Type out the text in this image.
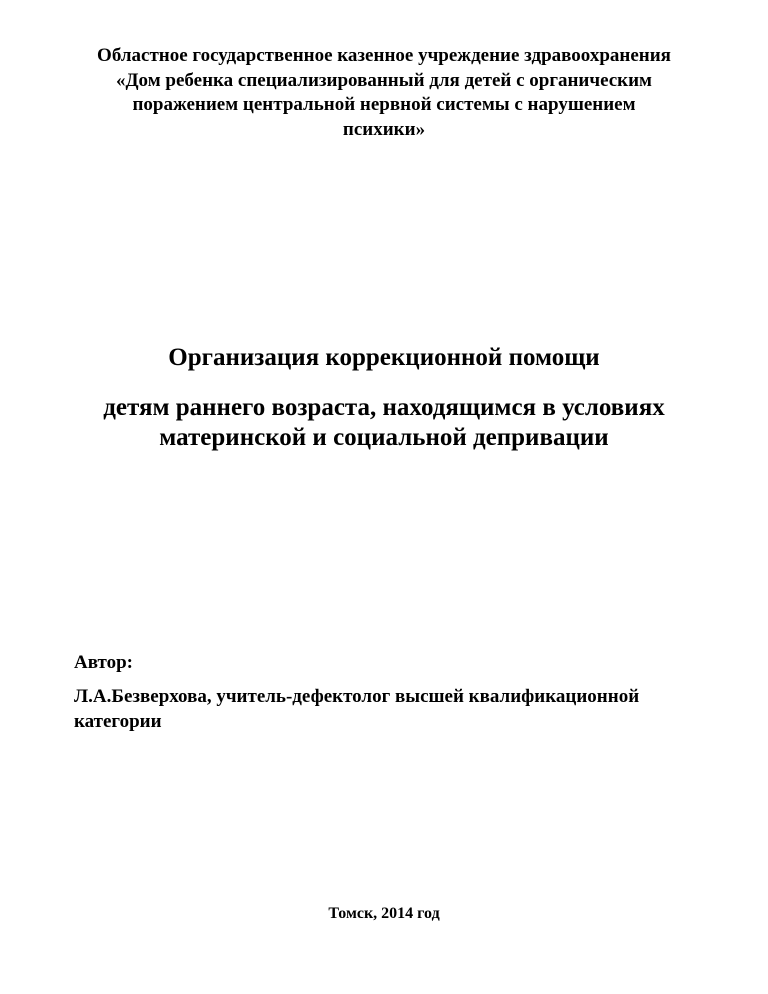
Областное государственное казенное учреждение здравоохранения
«Дом ребенка специализированный для детей с органическим
поражением центральной нервной системы с нарушением
психики»
Организация коррекционной помощи
детям раннего возраста, находящимся в условиях
материнской и социальной депривации
Автор:
Л.А.Безверхова, учитель-дефектолог высшей квалификационной
категории
Томск, 2014 год
